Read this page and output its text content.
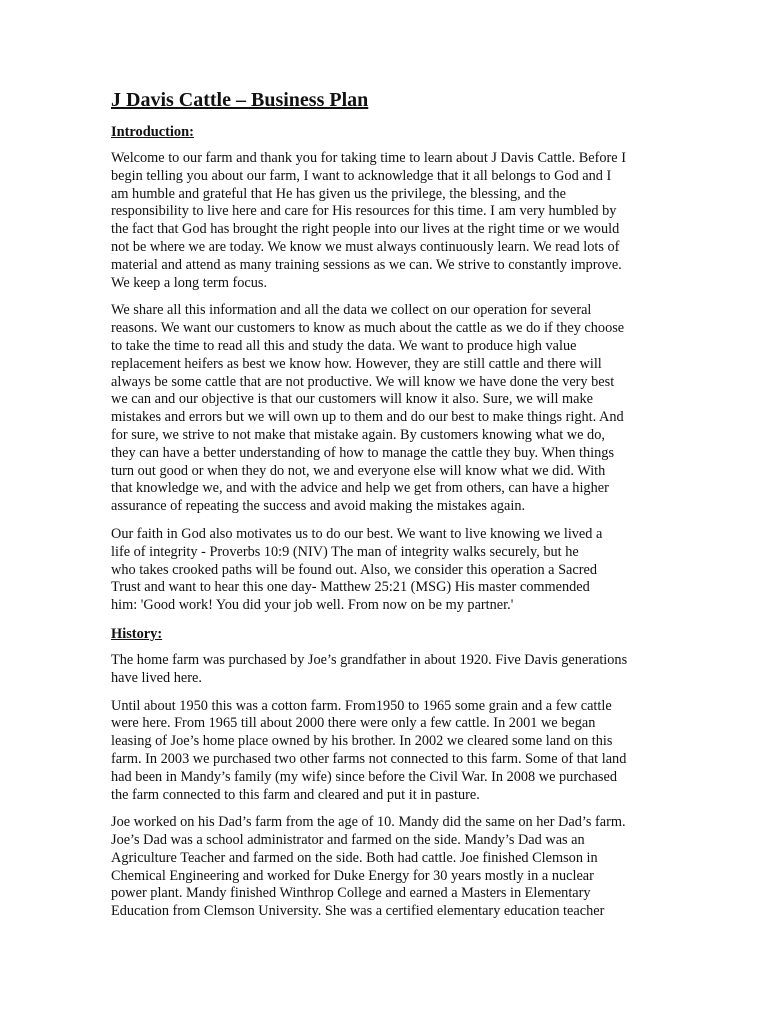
J Davis Cattle – Business Plan
Introduction:
Welcome to our farm and thank you for taking time to learn about J Davis Cattle. Before I
begin telling you about our farm, I want to acknowledge that it all belongs to God and I
am humble and grateful that He has given us the privilege, the blessing, and the
responsibility to live here and care for His resources for this time. I am very humbled by
the fact that God has brought the right people into our lives at the right time or we would
not be where we are today. We know we must always continuously learn. We read lots of
material and attend as many training sessions as we can. We strive to constantly improve.
We keep a long term focus.
We share all this information and all the data we collect on our operation for several
reasons. We want our customers to know as much about the cattle as we do if they choose
to take the time to read all this and study the data. We want to produce high value
replacement heifers as best we know how. However, they are still cattle and there will
always be some cattle that are not productive. We will know we have done the very best
we can and our objective is that our customers will know it also. Sure, we will make
mistakes and errors but we will own up to them and do our best to make things right. And
for sure, we strive to not make that mistake again. By customers knowing what we do,
they can have a better understanding of how to manage the cattle they buy. When things
turn out good or when they do not, we and everyone else will know what we did. With
that knowledge we, and with the advice and help we get from others, can have a higher
assurance of repeating the success and avoid making the mistakes again.
Our faith in God also motivates us to do our best. We want to live knowing we lived a
life of integrity - Proverbs 10:9 (NIV) The man of integrity walks securely, but he
who takes crooked paths will be found out. Also, we consider this operation a Sacred
Trust and want to hear this one day- Matthew 25:21 (MSG) His master commended
him: 'Good work! You did your job well. From now on be my partner.'
History:
The home farm was purchased by Joe’s grandfather in about 1920. Five Davis generations
have lived here.
Until about 1950 this was a cotton farm. From1950 to 1965 some grain and a few cattle
were here. From 1965 till about 2000 there were only a few cattle. In 2001 we began
leasing of Joe’s home place owned by his brother. In 2002 we cleared some land on this
farm. In 2003 we purchased two other farms not connected to this farm. Some of that land
had been in Mandy’s family (my wife) since before the Civil War. In 2008 we purchased
the farm connected to this farm and cleared and put it in pasture.
Joe worked on his Dad’s farm from the age of 10. Mandy did the same on her Dad’s farm.
Joe’s Dad was a school administrator and farmed on the side. Mandy’s Dad was an
Agriculture Teacher and farmed on the side. Both had cattle. Joe finished Clemson in
Chemical Engineering and worked for Duke Energy for 30 years mostly in a nuclear
power plant. Mandy finished Winthrop College and earned a Masters in Elementary
Education from Clemson University. She was a certified elementary education teacher
